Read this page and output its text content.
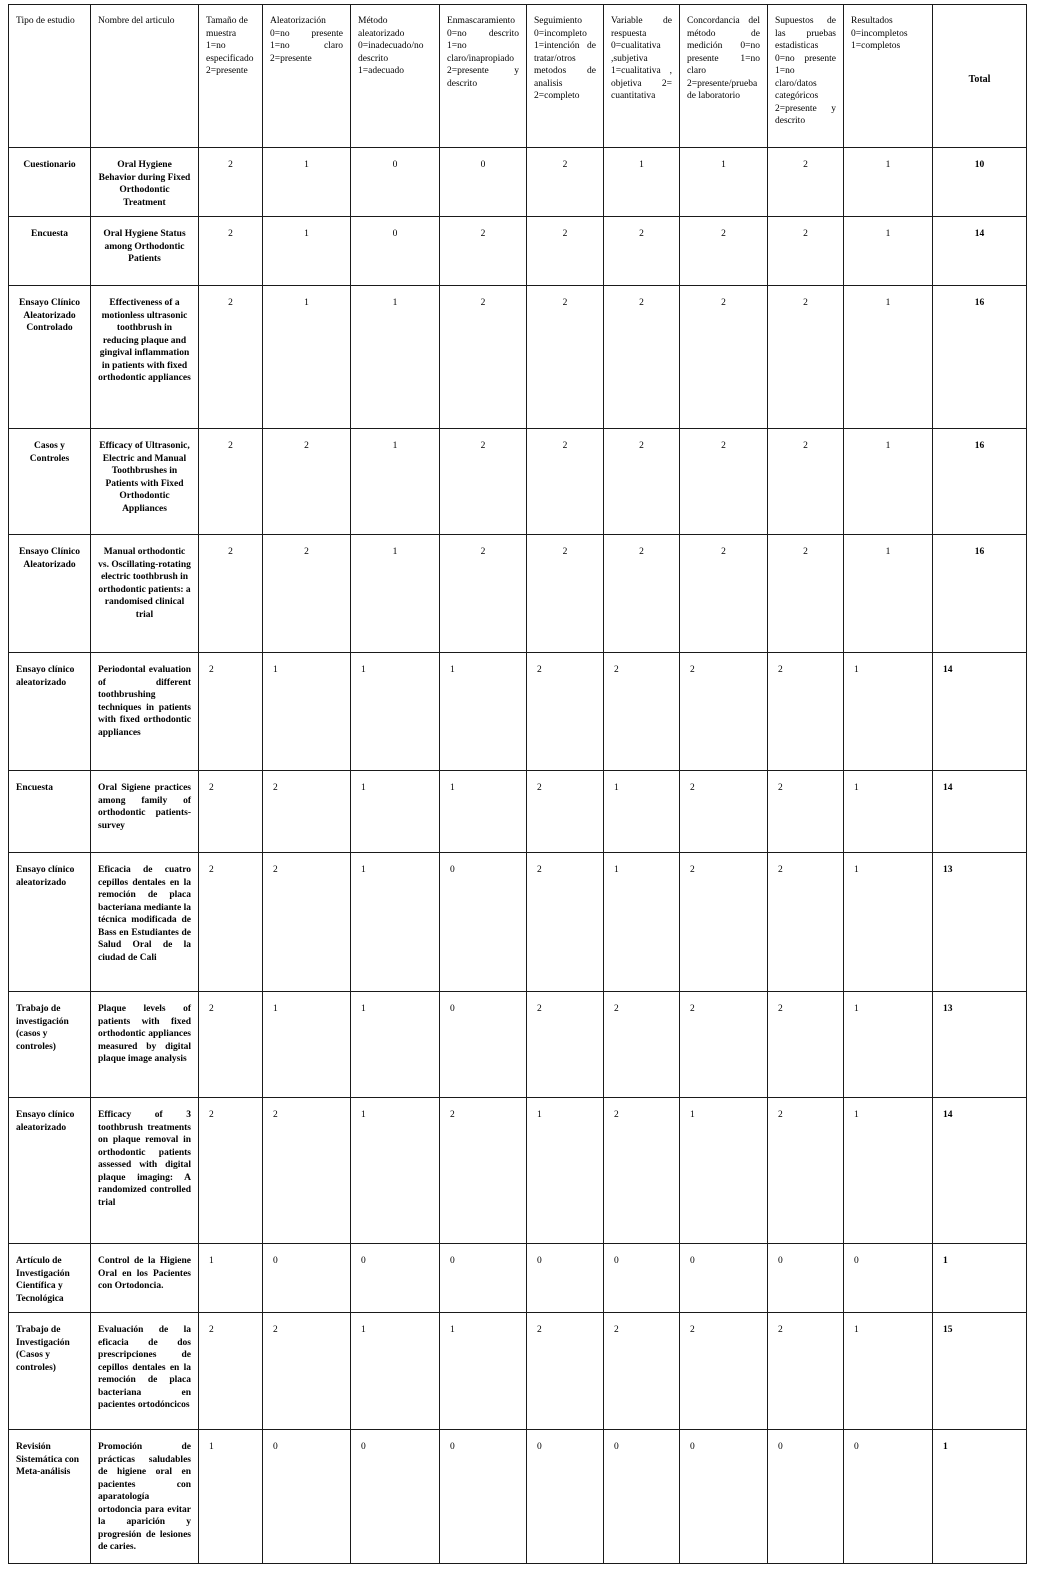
Tipo de estudio	Nombre del articulo	Tamaño de muestra 1=no especificado 2=presente	Aleatorización 0=no presente 1=no claro 2=presente	Método aleatorizado 0=inadecuado/no descrito 1=adecuado	Enmascaramiento 0=no descrito 1=no claro/inapropiado 2=presente y descrito	Seguimiento 0=incompleto 1=intención de tratar/otros metodos de analisis 2=completo	Variable de respuesta 0=cualitativa ,subjetiva 1=cualitativa , objetiva 2= cuantitativa	Concordancia del método de medición 0=no presente 1=no claro 2=presente/prueba de laboratorio	Supuestos de las pruebas estadisticas 0=no presente 1=no claro/datos categóricos 2=presente y descrito	Resultados 0=incompletos 1=completos	Total
Cuestionario	Oral Hygiene Behavior during Fixed Orthodontic Treatment	2	1	0	0	2	1	1	2	1	10
Encuesta	Oral Hygiene Status among Orthodontic Patients	2	1	0	2	2	2	2	2	1	14
Ensayo Clínico Aleatorizado Controlado	Effectiveness of a motionless ultrasonic toothbrush in reducing plaque and gingival inflammation in patients with fixed orthodontic appliances	2	1	1	2	2	2	2	2	1	16
Casos y Controles	Efficacy of Ultrasonic, Electric and Manual Toothbrushes in Patients with Fixed Orthodontic Appliances	2	2	1	2	2	2	2	2	1	16
Ensayo Clínico Aleatorizado	Manual orthodontic vs. Oscillating-rotating electric toothbrush in orthodontic patients: a randomised clinical trial	2	2	1	2	2	2	2	2	1	16
Ensayo clínico aleatorizado	Periodontal evaluation of different toothbrushing techniques in patients with fixed orthodontic appliances	2	1	1	1	2	2	2	2	1	14
Encuesta	Oral Sigiene practices among family of orthodontic patients-survey	2	2	1	1	2	1	2	2	1	14
Ensayo clínico aleatorizado	Eficacia de cuatro cepillos dentales en la remoción de placa bacteriana mediante la técnica modificada de Bass en Estudiantes de Salud Oral de la ciudad de Cali	2	2	1	0	2	1	2	2	1	13
Trabajo de investigación (casos y controles)	Plaque levels of patients with fixed orthodontic appliances measured by digital plaque image analysis	2	1	1	0	2	2	2	2	1	13
Ensayo clínico aleatorizado	Efficacy of 3 toothbrush treatments on plaque removal in orthodontic patients assessed with digital plaque imaging: A randomized controlled trial	2	2	1	2	1	2	1	2	1	14
Artículo de Investigación Científica y Tecnológica	Control de la Higiene Oral en los Pacientes con Ortodoncia.	1	0	0	0	0	0	0	0	0	1
Trabajo de Investigación (Casos y controles)	Evaluación de la eficacia de dos prescripciones de cepillos dentales en la remoción de placa bacteriana en pacientes ortodóncicos	2	2	1	1	2	2	2	2	1	15
Revisión Sistemática con Meta-análisis	Promoción de prácticas saludables de higiene oral en pacientes con aparatología ortodoncia para evitar la aparición y progresión de lesiones de caries.	1	0	0	0	0	0	0	0	0	1
